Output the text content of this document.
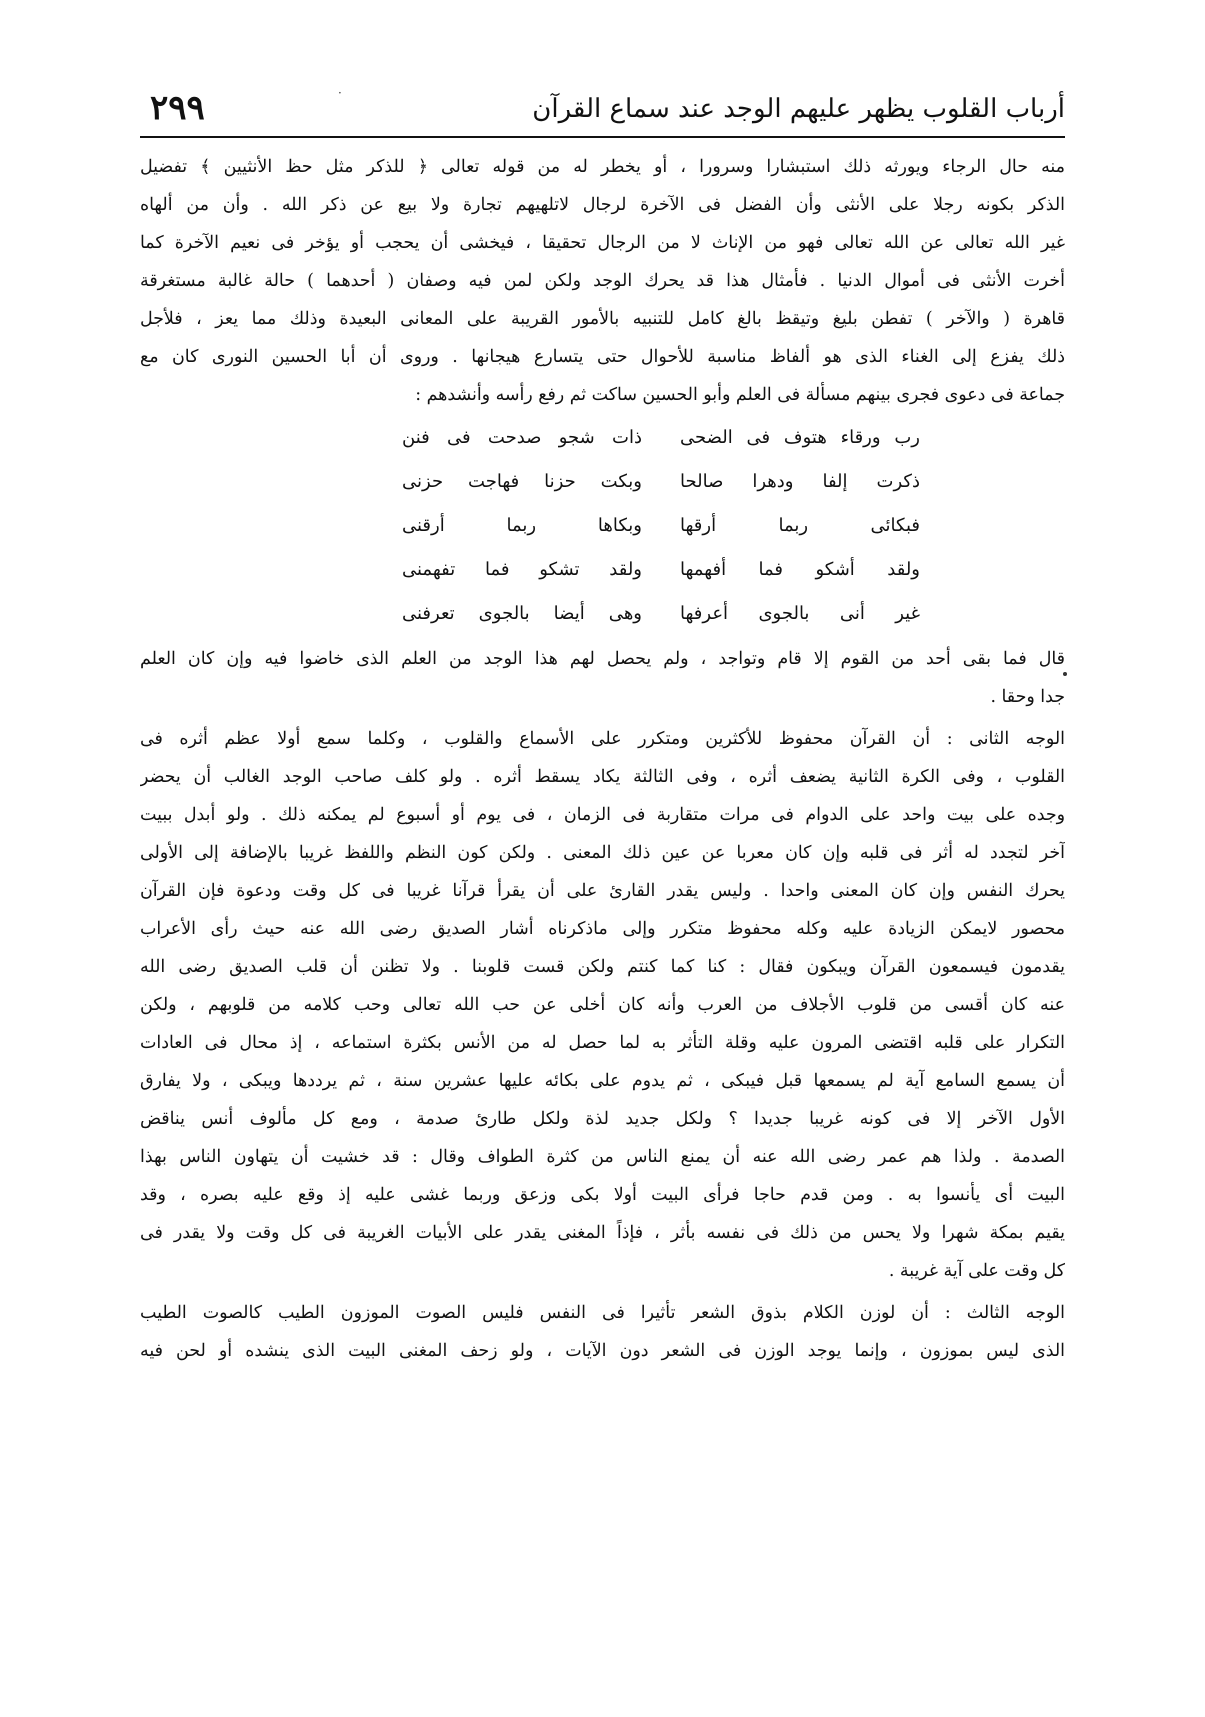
·
أرباب القلوب يظهر عليهم الوجد عند سماع القرآن
٢٩٩
منه حال الرجاء ويورثه ذلك استبشارا وسرورا ، أو يخطر له من قوله تعالى ﴿ للذكر مثل حظ الأنثيين ﴾ تفضيل
الذكر بكونه رجلا على الأنثى وأن الفضل فى الآخرة لرجال لاتلهيهم تجارة ولا بيع عن ذكر الله . وأن من ألهاه
غير الله تعالى عن الله تعالى فهو من الإناث لا من الرجال تحقيقا ، فيخشى أن يحجب أو يؤخر فى نعيم الآخرة كما
أخرت الأنثى فى أموال الدنيا . فأمثال هذا قد يحرك الوجد ولكن لمن فيه وصفان ( أحدهما ) حالة غالبة مستغرقة
قاهرة ( والآخر ) تفطن بليغ وتيقظ بالغ كامل للتنبيه بالأمور القريبة على المعانى البعيدة وذلك مما يعز ، فلأجل
ذلك يفزع إلى الغناء الذى هو ألفاظ مناسبة للأحوال حتى يتسارع هيجانها . وروى أن أبا الحسين النورى كان مع
جماعة فى دعوى فجرى بينهم مسألة فى العلم وأبو الحسين ساكت ثم رفع رأسه وأنشدهم :
رب ورقاء هتوف فى الضحى
ذات شجو صدحت فى فنن
ذكرت إلفا ودهرا صالحا
وبكت حزنا فهاجت حزنى
فبكائى ربما أرقها
وبكاها ربما أرقنى
ولقد أشكو فما أفهمها
ولقد تشكو فما تفهمنى
غير أنى بالجوى أعرفها
وهى أيضا بالجوى تعرفنى
قال فما بقى أحد من القوم إلا قام وتواجد ، ولم يحصل لهم هذا الوجد من العلم الذى خاضوا فيه وإن كان العلم
جدا وحقا .
الوجه الثانى : أن القرآن محفوظ للأكثرين ومتكرر على الأسماع والقلوب ، وكلما سمع أولا عظم أثره فى
القلوب ، وفى الكرة الثانية يضعف أثره ، وفى الثالثة يكاد يسقط أثره . ولو كلف صاحب الوجد الغالب أن يحضر
وجده على بيت واحد على الدوام فى مرات متقاربة فى الزمان ، فى يوم أو أسبوع لم يمكنه ذلك . ولو أبدل ببيت
آخر لتجدد له أثر فى قلبه وإن كان معربا عن عين ذلك المعنى . ولكن كون النظم واللفظ غريبا بالإضافة إلى الأولى
يحرك النفس وإن كان المعنى واحدا . وليس يقدر القارئ على أن يقرأ قرآنا غريبا فى كل وقت ودعوة فإن القرآن
محصور لايمكن الزيادة عليه وكله محفوظ متكرر وإلى ماذكرناه أشار الصديق رضى الله عنه حيث رأى الأعراب
يقدمون فيسمعون القرآن ويبكون فقال : كنا كما كنتم ولكن قست قلوبنا . ولا تظنن أن قلب الصديق رضى الله
عنه كان أقسى من قلوب الأجلاف من العرب وأنه كان أخلى عن حب الله تعالى وحب كلامه من قلوبهم ، ولكن
التكرار على قلبه اقتضى المرون عليه وقلة التأثر به لما حصل له من الأنس بكثرة استماعه ، إذ محال فى العادات
أن يسمع السامع آية لم يسمعها قبل فيبكى ، ثم يدوم على بكائه عليها عشرين سنة ، ثم يرددها ويبكى ، ولا يفارق
الأول الآخر إلا فى كونه غريبا جديدا ؟ ولكل جديد لذة ولكل طارئ صدمة ، ومع كل مألوف أنس يناقض
الصدمة . ولذا هم عمر رضى الله عنه أن يمنع الناس من كثرة الطواف وقال : قد خشيت أن يتهاون الناس بهذا
البيت أى يأنسوا به . ومن قدم حاجا فرأى البيت أولا بكى وزعق وربما غشى عليه إذ وقع عليه بصره ، وقد
يقيم بمكة شهرا ولا يحس من ذلك فى نفسه بأثر ، فإذاً المغنى يقدر على الأبيات الغريبة فى كل وقت ولا يقدر فى
كل وقت على آية غريبة .
الوجه الثالث : أن لوزن الكلام بذوق الشعر تأثيرا فى النفس فليس الصوت الموزون الطيب كالصوت الطيب
الذى ليس بموزون ، وإنما يوجد الوزن فى الشعر دون الآيات ، ولو زحف المغنى البيت الذى ينشده أو لحن فيه
